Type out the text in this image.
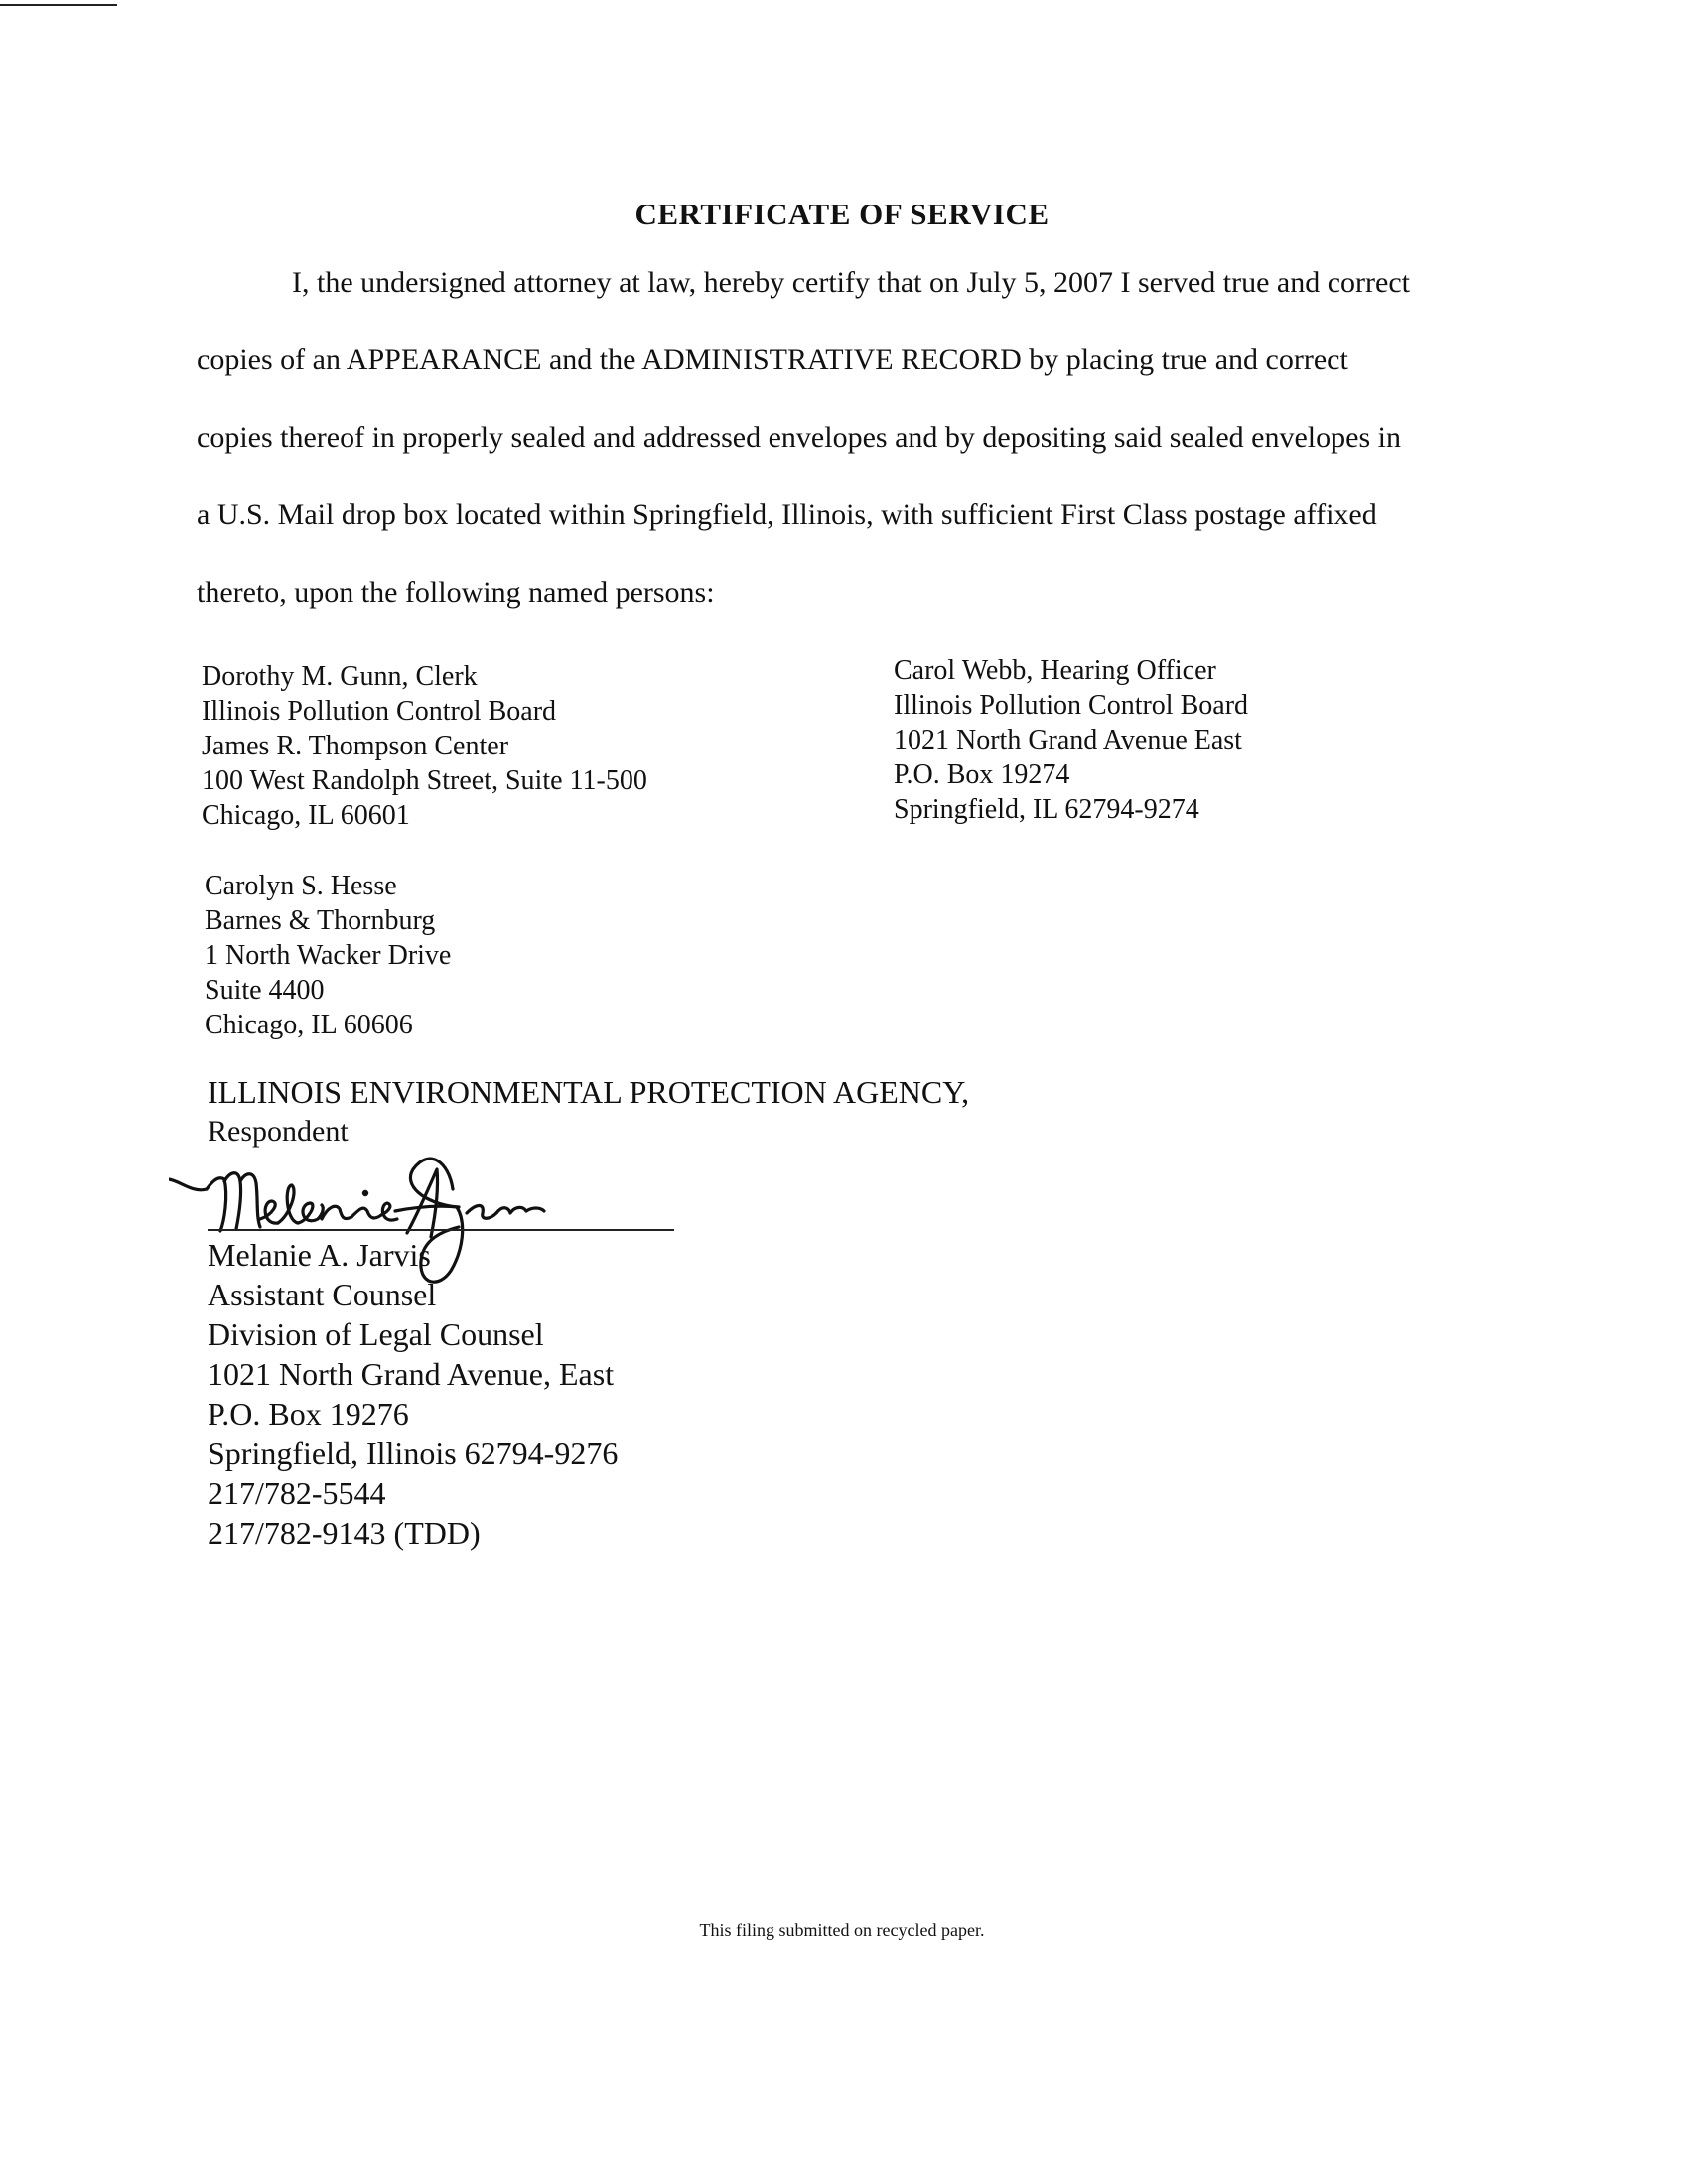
CERTIFICATE OF SERVICE
I, the undersigned attorney at law, hereby certify that on July 5, 2007 I served true and correct
copies of an APPEARANCE and the ADMINISTRATIVE RECORD by placing true and correct
copies thereof in properly sealed and addressed envelopes and by depositing said sealed envelopes in
a U.S. Mail drop box located within Springfield, Illinois, with sufficient First Class postage affixed
thereto, upon the following named persons:
Dorothy M. Gunn, Clerk
Illinois Pollution Control Board
James R. Thompson Center
100 West Randolph Street, Suite 11-500
Chicago, IL 60601
Carol Webb, Hearing Officer
Illinois Pollution Control Board
1021 North Grand Avenue East
P.O. Box 19274
Springfield, IL 62794-9274
Carolyn S. Hesse
Barnes & Thornburg
1 North Wacker Drive
Suite 4400
Chicago, IL 60606
ILLINOIS ENVIRONMENTAL PROTECTION AGENCY,
Respondent
Melanie A. Jarvis
Assistant Counsel
Division of Legal Counsel
1021 North Grand Avenue, East
P.O. Box 19276
Springfield, Illinois 62794-9276
217/782-5544
217/782-9143 (TDD)
This filing submitted on recycled paper.
